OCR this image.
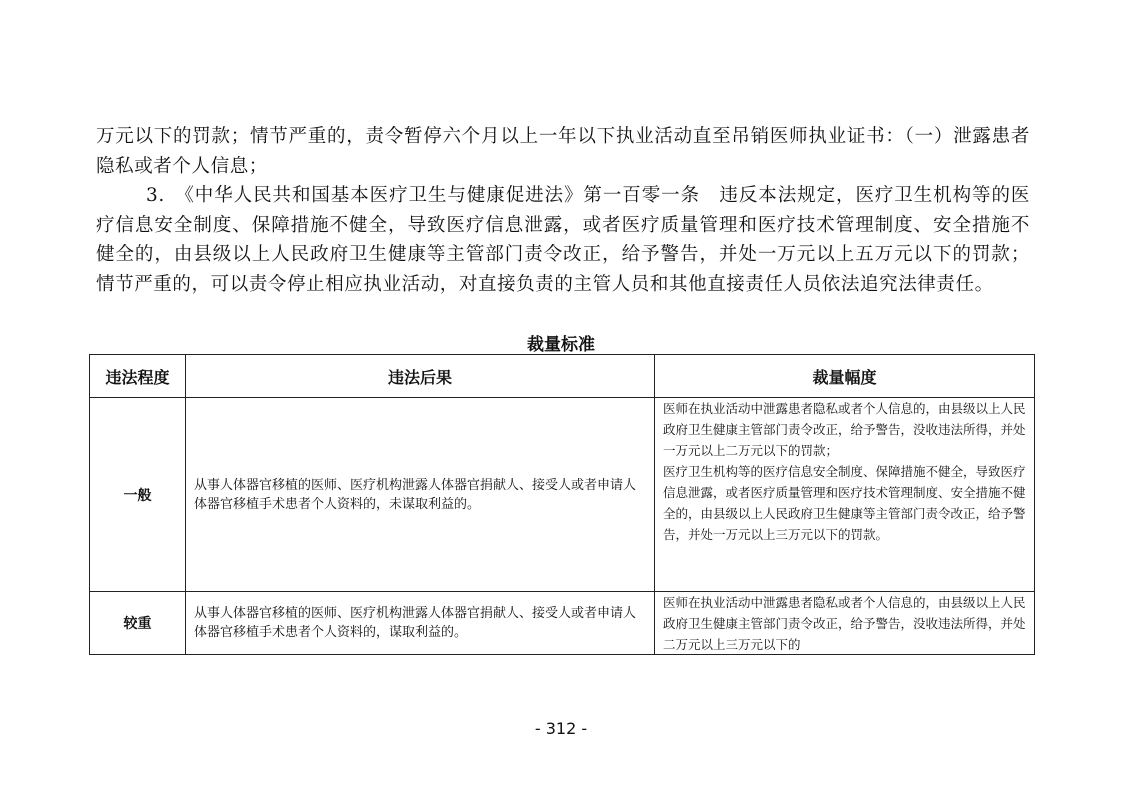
万元以下的罚款；情节严重的，责令暂停六个月以上一年以下执业活动直至吊销医师执业证书：（一）泄露患者隐私或者个人信息；

3.　《中华人民共和国基本医疗卫生与健康促进法》第一百零一条　违反本法规定，医疗卫生机构等的医疗信息安全制度、保障措施不健全，导致医疗信息泄露，或者医疗质量管理和医疗技术管理制度、安全措施不健全的，由县级以上人民政府卫生健康等主管部门责令改正，给予警告，并处一万元以上五万元以下的罚款；情节严重的，可以责令停止相应执业活动，对直接负责的主管人员和其他直接责任人员依法追究法律责任。

裁量标准
违法程度	违法后果	裁量幅度
一般	从事人体器官移植的医师、医疗机构泄露人体器官捐献人、接受人或者申请人体器官移植手术患者个人资料的，未谋取利益的。	医师在执业活动中泄露患者隐私或者个人信息的，由县级以上人民政府卫生健康主管部门责令改正，给予警告，没收违法所得，并处一万元以上二万元以下的罚款；
医疗卫生机构等的医疗信息安全制度、保障措施不健全，导致医疗信息泄露，或者医疗质量管理和医疗技术管理制度、安全措施不健全的，由县级以上人民政府卫生健康等主管部门责令改正，给予警告，并处一万元以上三万元以下的罚款。

较重	从事人体器官移植的医师、医疗机构泄露人体器官捐献人、接受人或者申请人体器官移植手术患者个人资料的，谋取利益的。	医师在执业活动中泄露患者隐私或者个人信息的，由县级以上人民政府卫生健康主管部门责令改正，给予警告，没收违法所得，并处二万元以上三万元以下的
- 312 -
